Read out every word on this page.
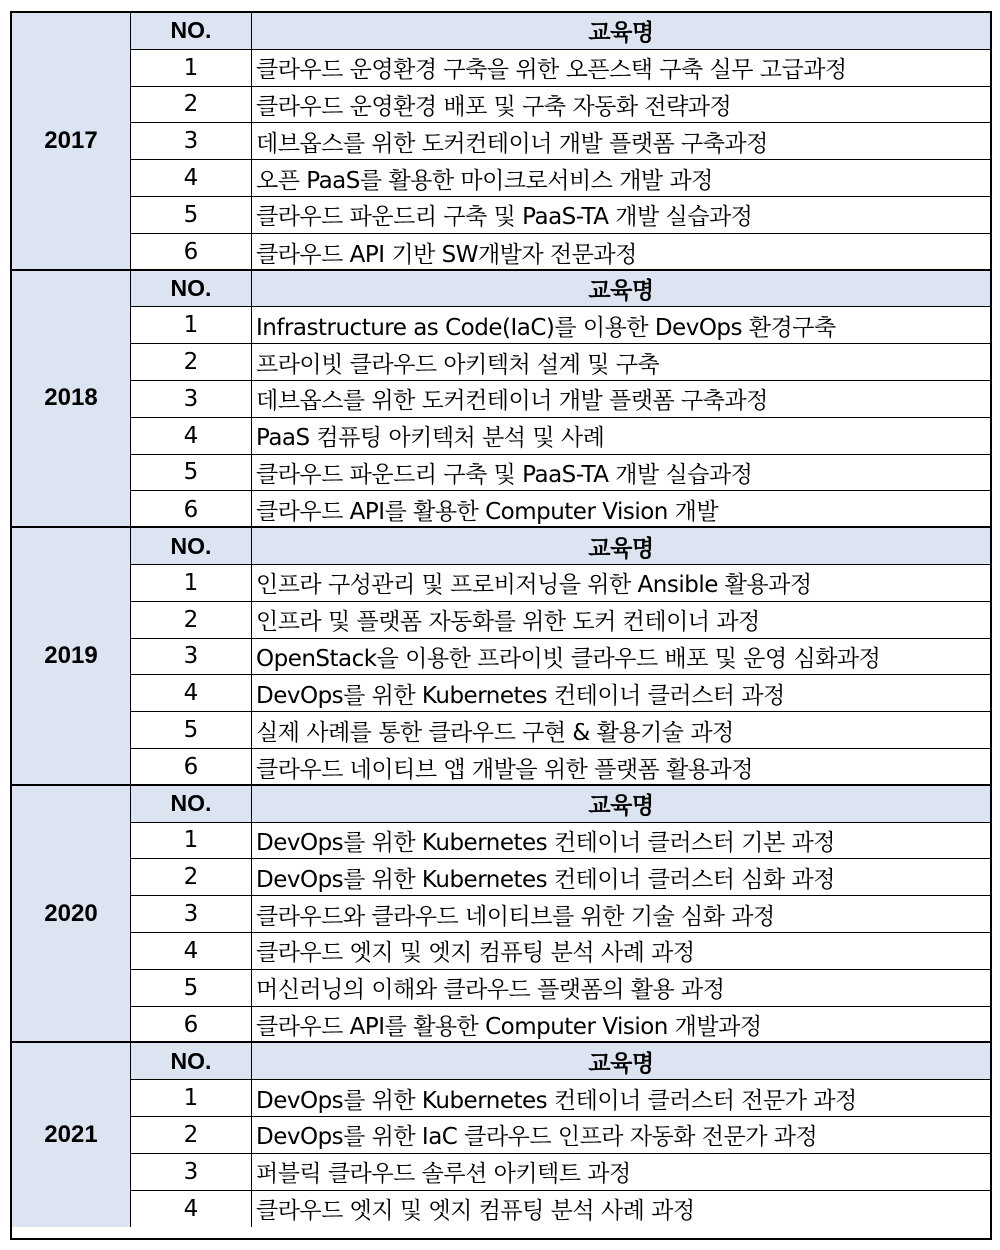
2017
NO.	교육명
1	클라우드 운영환경 구축을 위한 오픈스택 구축 실무 고급과정
2	클라우드 운영환경 배포 및 구축 자동화 전략과정
3	데브옵스를 위한 도커컨테이너 개발 플랫폼 구축과정
4	오픈 PaaS를 활용한 마이크로서비스 개발 과정
5	클라우드 파운드리 구축 및 PaaS-TA 개발 실습과정
6	클라우드 API 기반 SW개발자 전문과정
2018
NO.	교육명
1	Infrastructure as Code(IaC)를 이용한 DevOps 환경구축
2	프라이빗 클라우드 아키텍처 설계 및 구축
3	데브옵스를 위한 도커컨테이너 개발 플랫폼 구축과정
4	PaaS 컴퓨팅 아키텍처 분석 및 사례
5	클라우드 파운드리 구축 및 PaaS-TA 개발 실습과정
6	클라우드 API를 활용한 Computer Vision 개발
2019
NO.	교육명
1	인프라 구성관리 및 프로비저닝을 위한 Ansible 활용과정
2	인프라 및 플랫폼 자동화를 위한 도커 컨테이너 과정
3	OpenStack을 이용한 프라이빗 클라우드 배포 및 운영 심화과정
4	DevOps를 위한 Kubernetes 컨테이너 클러스터 과정
5	실제 사례를 통한 클라우드 구현 & 활용기술 과정
6	클라우드 네이티브 앱 개발을 위한 플랫폼 활용과정
2020
NO.	교육명
1	DevOps를 위한 Kubernetes 컨테이너 클러스터 기본 과정
2	DevOps를 위한 Kubernetes 컨테이너 클러스터 심화 과정
3	클라우드와 클라우드 네이티브를 위한 기술 심화 과정
4	클라우드 엣지 및 엣지 컴퓨팅 분석 사례 과정
5	머신러닝의 이해와 클라우드 플랫폼의 활용 과정
6	클라우드 API를 활용한 Computer Vision 개발과정
2021
NO.	교육명
1	DevOps를 위한 Kubernetes 컨테이너 클러스터 전문가 과정
2	DevOps를 위한 IaC 클라우드 인프라 자동화 전문가 과정
3	퍼블릭 클라우드 솔루션 아키텍트 과정
4	클라우드 엣지 및 엣지 컴퓨팅 분석 사례 과정
